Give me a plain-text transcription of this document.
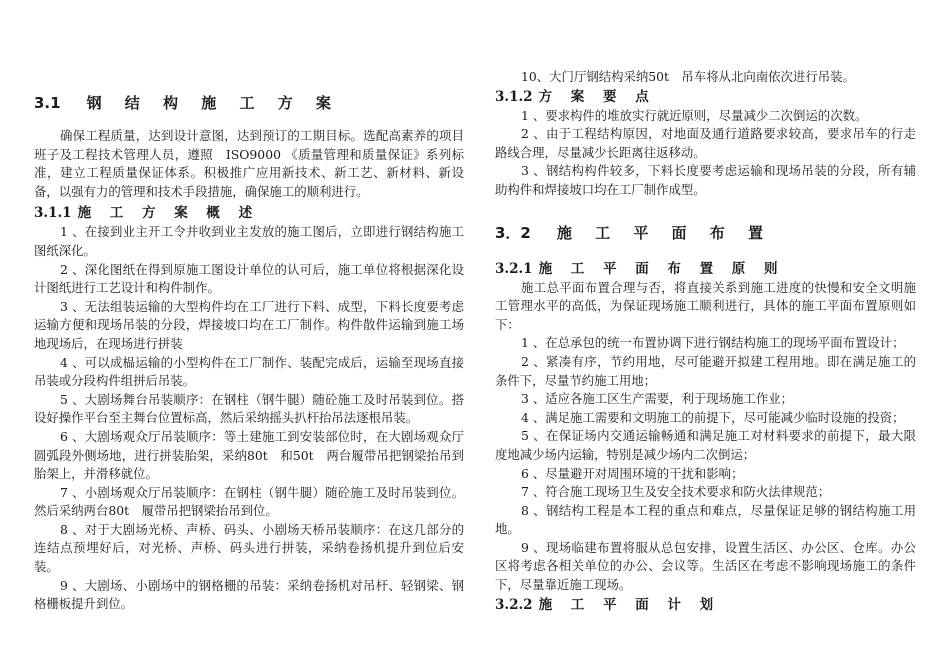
3.1 钢 结 构 施 工 方 案

确保工程质量，达到设计意图，达到预订的工期目标。选配高素养的项目班子及工程技术管理人员，遵照　ISO9000 《质量管理和质量保证》系列标准，建立工程质量保证体系。积极推广应用新技术、新工艺、新材料、新设备，以强有力的管理和技术手段措施，确保施工的顺利进行。

3.1.1 施 工 方 案 概 述

1 、在接到业主开工令并收到业主发放的施工图后，立即进行钢结构施工图纸深化。

2 、深化图纸在得到原施工图设计单位的认可后，施工单位将根据深化设计图纸进行工艺设计和构件制作。

3 、无法组装运输的大型构件均在工厂进行下料、成型，下料长度要考虑运输方便和现场吊装的分段，焊接坡口均在工厂制作。构件散件运输到施工场地现场后，在现场进行拼装

4 、可以成榀运输的小型构件在工厂制作、装配完成后，运输至现场直接吊装或分段构件组拼后吊装。

5 、大剧场舞台吊装顺序：在钢柱（钢牛腿）随砼施工及时吊装到位。搭设好操作平台至主舞台位置标高，然后采纳摇头扒杆抬吊法逐根吊装。

6 、大剧场观众厅吊装顺序：等土建施工到安装部位时，在大剧场观众厅圆弧段外侧场地，进行拼装胎架，采纳80t　和50t　两台履带吊把钢梁抬吊到胎架上，并滑移就位。

7 、小剧场观众厅吊装顺序：在钢柱（钢牛腿）随砼施工及时吊装到位。然后采纳两台80t　履带吊把钢梁抬吊到位。

8 、对于大剧场光桥、声桥、码头、小剧场天桥吊装顺序：在这几部分的连结点预埋好后，对光桥、声桥、码头进行拼装，采纳卷扬机提升到位后安装。

9 、大剧场、小剧场中的钢格栅的吊装：采纳卷扬机对吊杆、轻钢梁、钢格栅板提升到位。

10、大门厅钢结构采纳50t　吊车将从北向南依次进行吊装。

3.1.2 方 案 要 点

1 、要求构件的堆放实行就近原则，尽量减少二次倒运的次数。

2 、由于工程结构原因，对地面及通行道路要求较高，要求吊车的行走路线合理，尽量减少长距离往返移动。

3 、钢结构构件较多，下料长度要考虑运输和现场吊装的分段，所有辅助构件和焊接坡口均在工厂制作成型。

3．2 施 工 平 面 布 置
3.2.1 施 工 平 面 布 置 原 则

施工总平面布置合理与否，将直接关系到施工进度的快慢和安全文明施工管理水平的高低，为保证现场施工顺利进行，具体的施工平面布置原则如下：

1 、在总承包的统一布置协调下进行钢结构施工的现场平面布置设计；

2 、紧凑有序，节约用地，尽可能避开拟建工程用地。即在满足施工的条件下，尽量节约施工用地；

3 、适应各施工区生产需要，利于现场施工作业；

4 、满足施工需要和文明施工的前提下，尽可能减少临时设施的投资；

5 、在保证场内交通运输畅通和满足施工对材料要求的前提下，最大限度地减少场内运输，特别是减少场内二次倒运；

6 、尽量避开对周围环境的干扰和影响；

7 、符合施工现场卫生及安全技术要求和防火法律规范；

8 、钢结构工程是本工程的重点和难点，尽量保证足够的钢结构施工用地。

9 、现场临建布置将服从总包安排，设置生活区、办公区、仓库。办公区将考虑各相关单位的办公、会议等。生活区在考虑不影响现场施工的条件下，尽量靠近施工现场。

3.2.2 施 工 平 面 计 划
